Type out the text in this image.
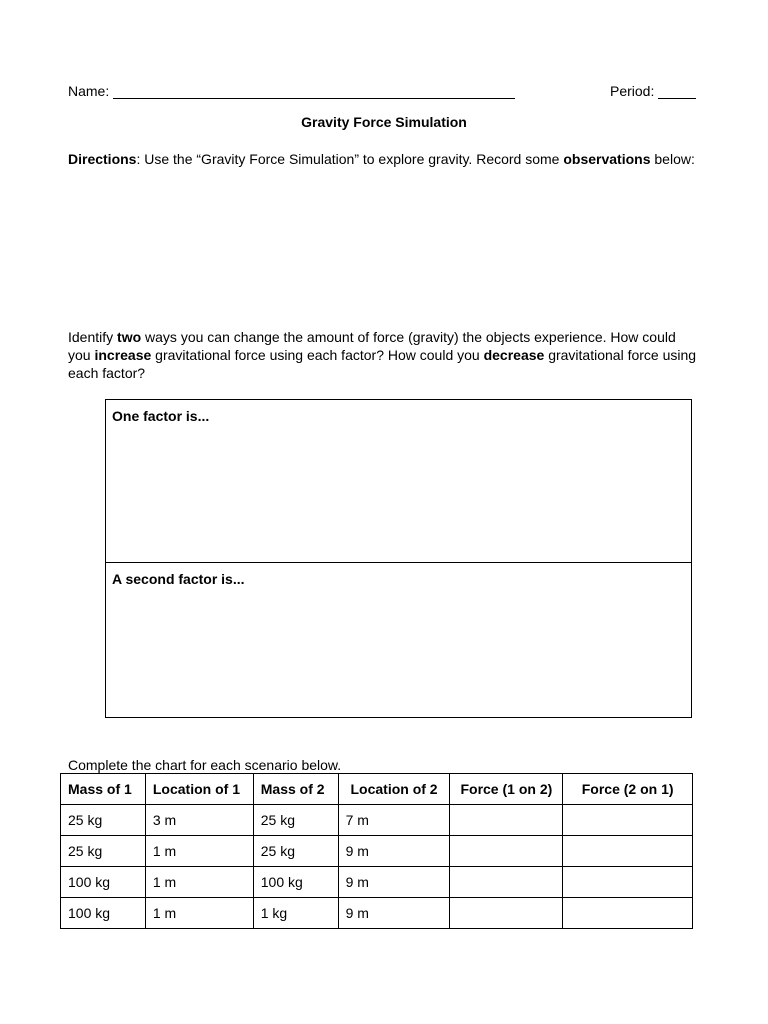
Name:	Period:
Gravity Force Simulation
Directions: Use the “Gravity Force Simulation” to explore gravity. Record some observations below:
Identify two ways you can change the amount of force (gravity) the objects experience. How could you increase gravitational force using each factor? How could you decrease gravitational force using each factor?
One factor is...
A second factor is...
Complete the chart for each scenario below.
Mass of 1	Location of 1	Mass of 2	Location of 2	Force (1 on 2)	Force (2 on 1)
25 kg	3 m	25 kg	7 m		
25 kg	1 m	25 kg	9 m		
100 kg	1 m	100 kg	9 m		
100 kg	1 m	1 kg	9 m		
